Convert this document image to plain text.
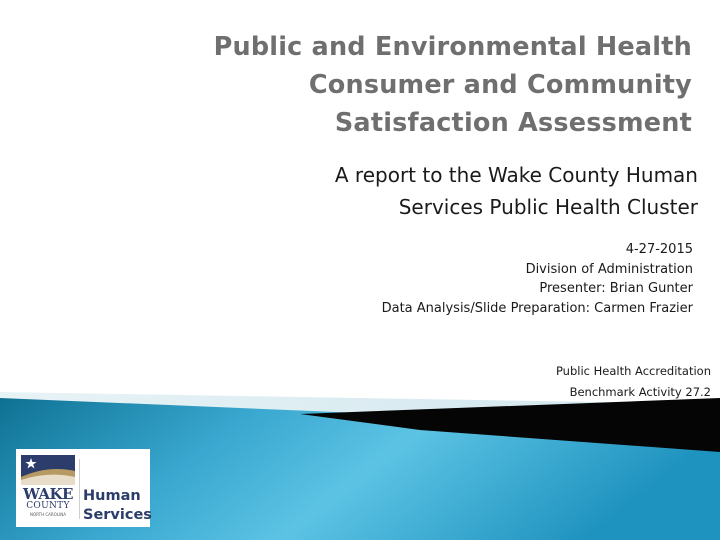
Public and Environmental Health
Consumer and Community
Satisfaction Assessment
A report to the Wake County Human
Services Public Health Cluster
4-27-2015
Division of Administration
Presenter: Brian Gunter
Data Analysis/Slide Preparation: Carmen Frazier
Public Health Accreditation
Benchmark Activity 27.2
WAKE
COUNTY
NORTH CAROLINA
Human
Services
